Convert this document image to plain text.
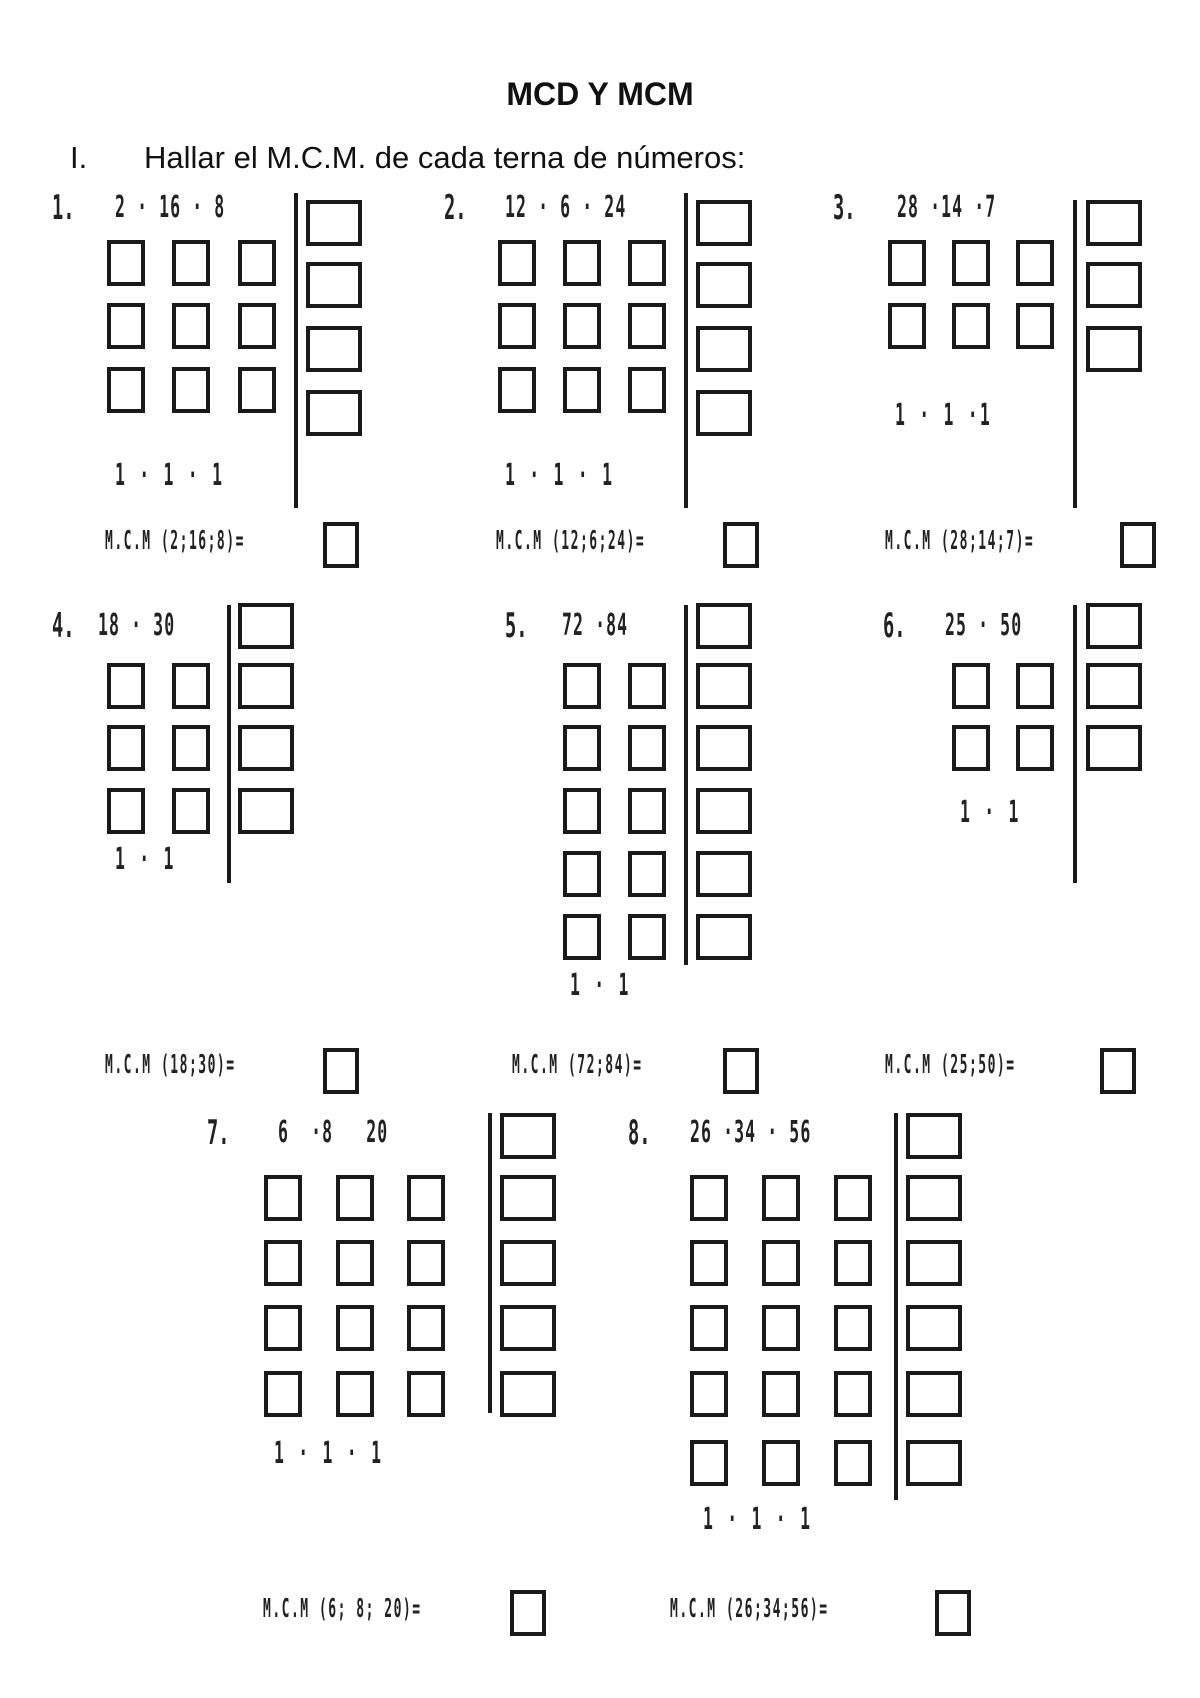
MCD Y MCM
I. Hallar el M.C.M. de cada terna de números:
1. 2 · 16 · 8
1 · 1 · 1
M.C.M (2;16;8)=
2. 12 · 6 · 24
1 · 1 · 1
M.C.M (12;6;24)=
3. 28 ·14 ·7
1 · 1 ·1
M.C.M (28;14;7)=
4. 18 · 30
1 · 1
M.C.M (18;30)=
5. 72 ·84
1 · 1
M.C.M (72;84)=
6. 25 · 50
1 · 1
M.C.M (25;50)=
7. 6  ·8   20
1 · 1 · 1
M.C.M (6; 8; 20)=
8. 26 ·34 · 56
1 · 1 · 1
M.C.M (26;34;56)=
